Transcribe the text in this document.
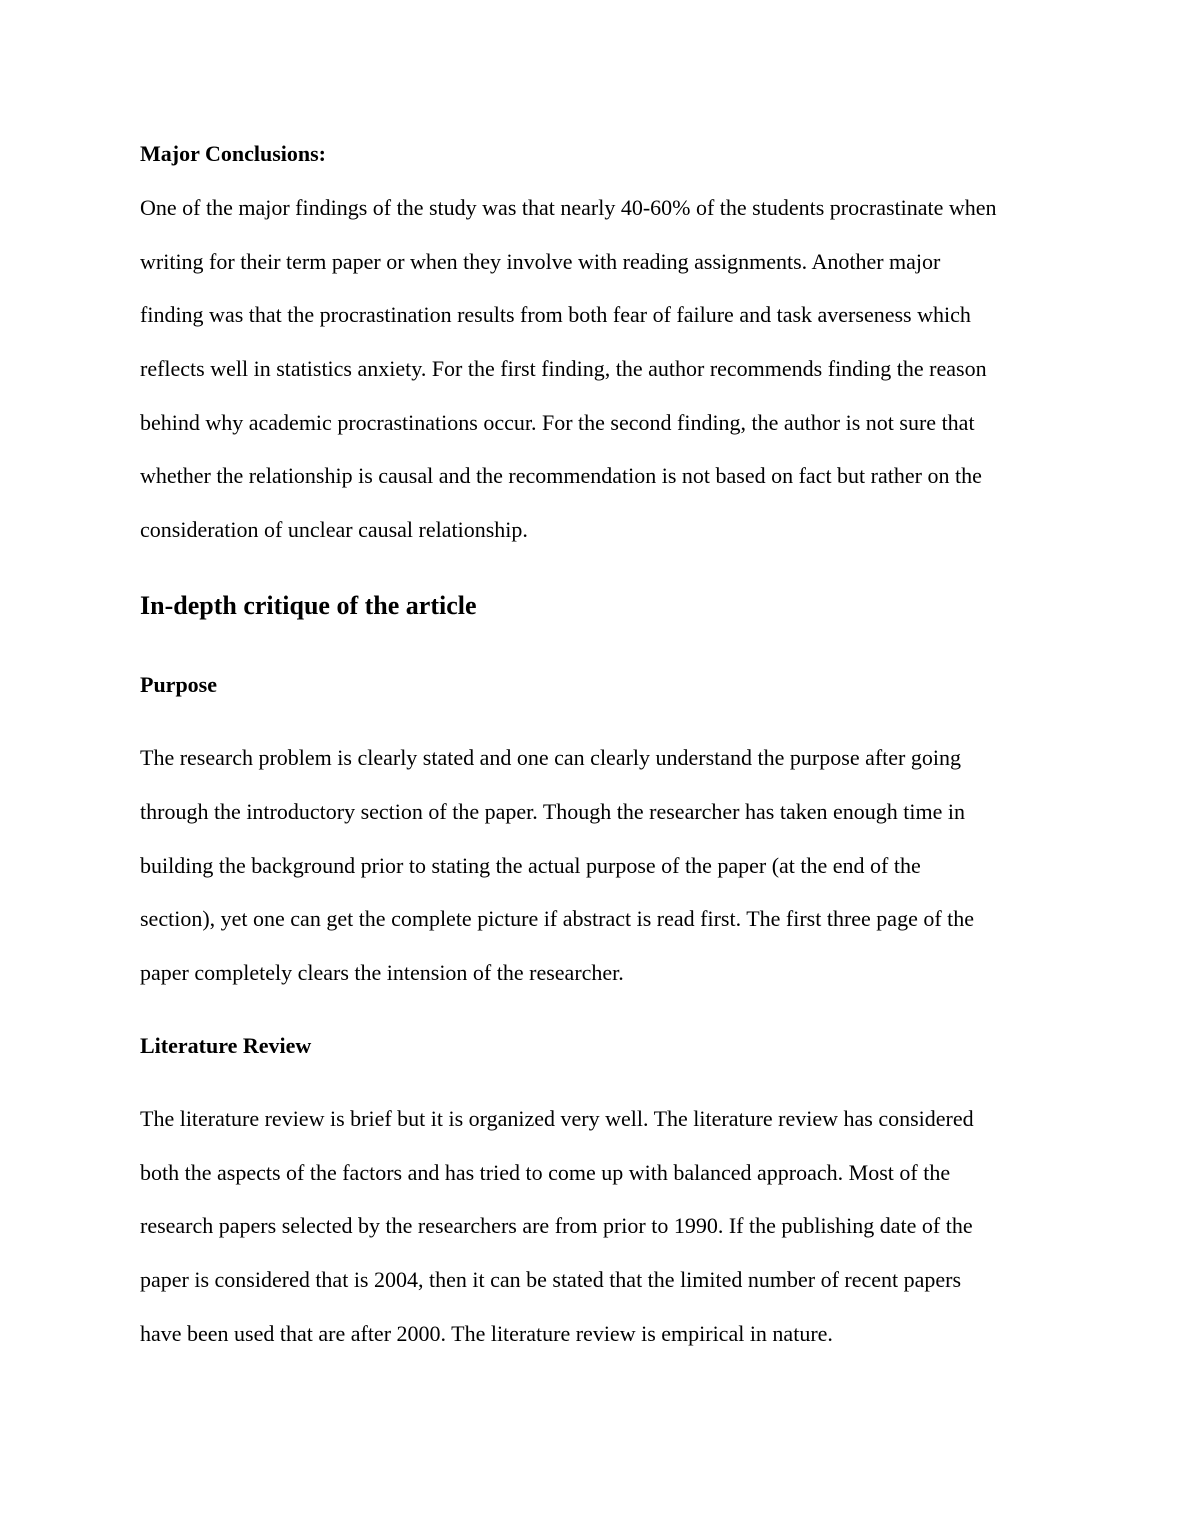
Major Conclusions:
One of the major findings of the study was that nearly 40-60% of the students procrastinate when
writing for their term paper or when they involve with reading assignments. Another major
finding was that the procrastination results from both fear of failure and task averseness which
reflects well in statistics anxiety. For the first finding, the author recommends finding the reason
behind why academic procrastinations occur. For the second finding, the author is not sure that
whether the relationship is causal and the recommendation is not based on fact but rather on the
consideration of unclear causal relationship.
In-depth critique of the article
Purpose
The research problem is clearly stated and one can clearly understand the purpose after going
through the introductory section of the paper. Though the researcher has taken enough time in
building the background prior to stating the actual purpose of the paper (at the end of the
section), yet one can get the complete picture if abstract is read first. The first three page of the
paper completely clears the intension of the researcher.
Literature Review
The literature review is brief but it is organized very well. The literature review has considered
both the aspects of the factors and has tried to come up with balanced approach. Most of the
research papers selected by the researchers are from prior to 1990. If the publishing date of the
paper is considered that is 2004, then it can be stated that the limited number of recent papers
have been used that are after 2000. The literature review is empirical in nature.
